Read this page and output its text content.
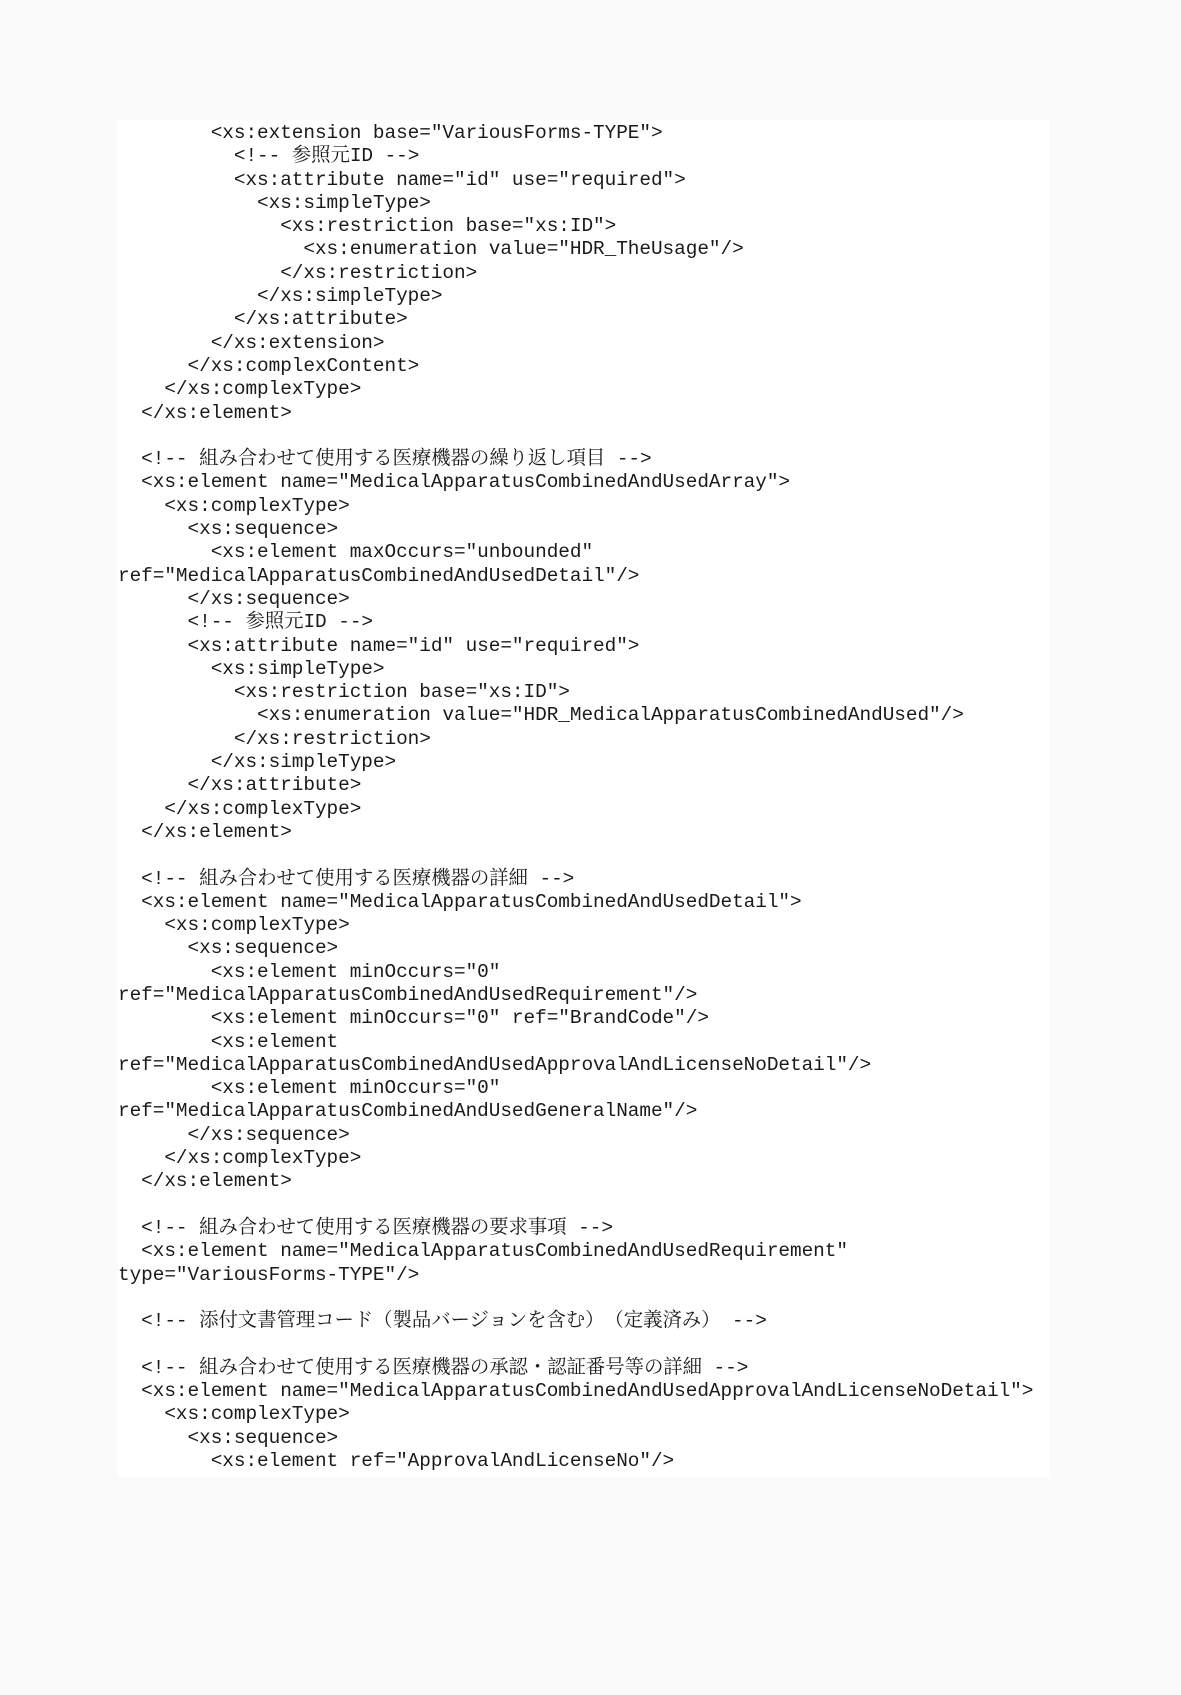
<xs:extension base="VariousForms-TYPE">
<!-- 参照元ID -->
<xs:attribute name="id" use="required">
<xs:simpleType>
<xs:restriction base="xs:ID">
<xs:enumeration value="HDR_TheUsage"/>
</xs:restriction>
</xs:simpleType>
</xs:attribute>
</xs:extension>
</xs:complexContent>
</xs:complexType>
</xs:element>

<!-- 組み合わせて使用する医療機器の繰り返し項目 -->
<xs:element name="MedicalApparatusCombinedAndUsedArray">
<xs:complexType>
<xs:sequence>
<xs:element maxOccurs="unbounded"
ref="MedicalApparatusCombinedAndUsedDetail"/>
</xs:sequence>
<!-- 参照元ID -->
<xs:attribute name="id" use="required">
<xs:simpleType>
<xs:restriction base="xs:ID">
<xs:enumeration value="HDR_MedicalApparatusCombinedAndUsed"/>
</xs:restriction>
</xs:simpleType>
</xs:attribute>
</xs:complexType>
</xs:element>

<!-- 組み合わせて使用する医療機器の詳細 -->
<xs:element name="MedicalApparatusCombinedAndUsedDetail">
<xs:complexType>
<xs:sequence>
<xs:element minOccurs="0"
ref="MedicalApparatusCombinedAndUsedRequirement"/>
<xs:element minOccurs="0" ref="BrandCode"/>
<xs:element
ref="MedicalApparatusCombinedAndUsedApprovalAndLicenseNoDetail"/>
<xs:element minOccurs="0"
ref="MedicalApparatusCombinedAndUsedGeneralName"/>
</xs:sequence>
</xs:complexType>
</xs:element>

<!-- 組み合わせて使用する医療機器の要求事項 -->
<xs:element name="MedicalApparatusCombinedAndUsedRequirement"
type="VariousForms-TYPE"/>

<!-- 添付文書管理コード（製品バージョンを含む）　（定義済み） -->

<!-- 組み合わせて使用する医療機器の承認・認証番号等の詳細 -->
<xs:element name="MedicalApparatusCombinedAndUsedApprovalAndLicenseNoDetail">
<xs:complexType>
<xs:sequence>
<xs:element ref="ApprovalAndLicenseNo"/>
